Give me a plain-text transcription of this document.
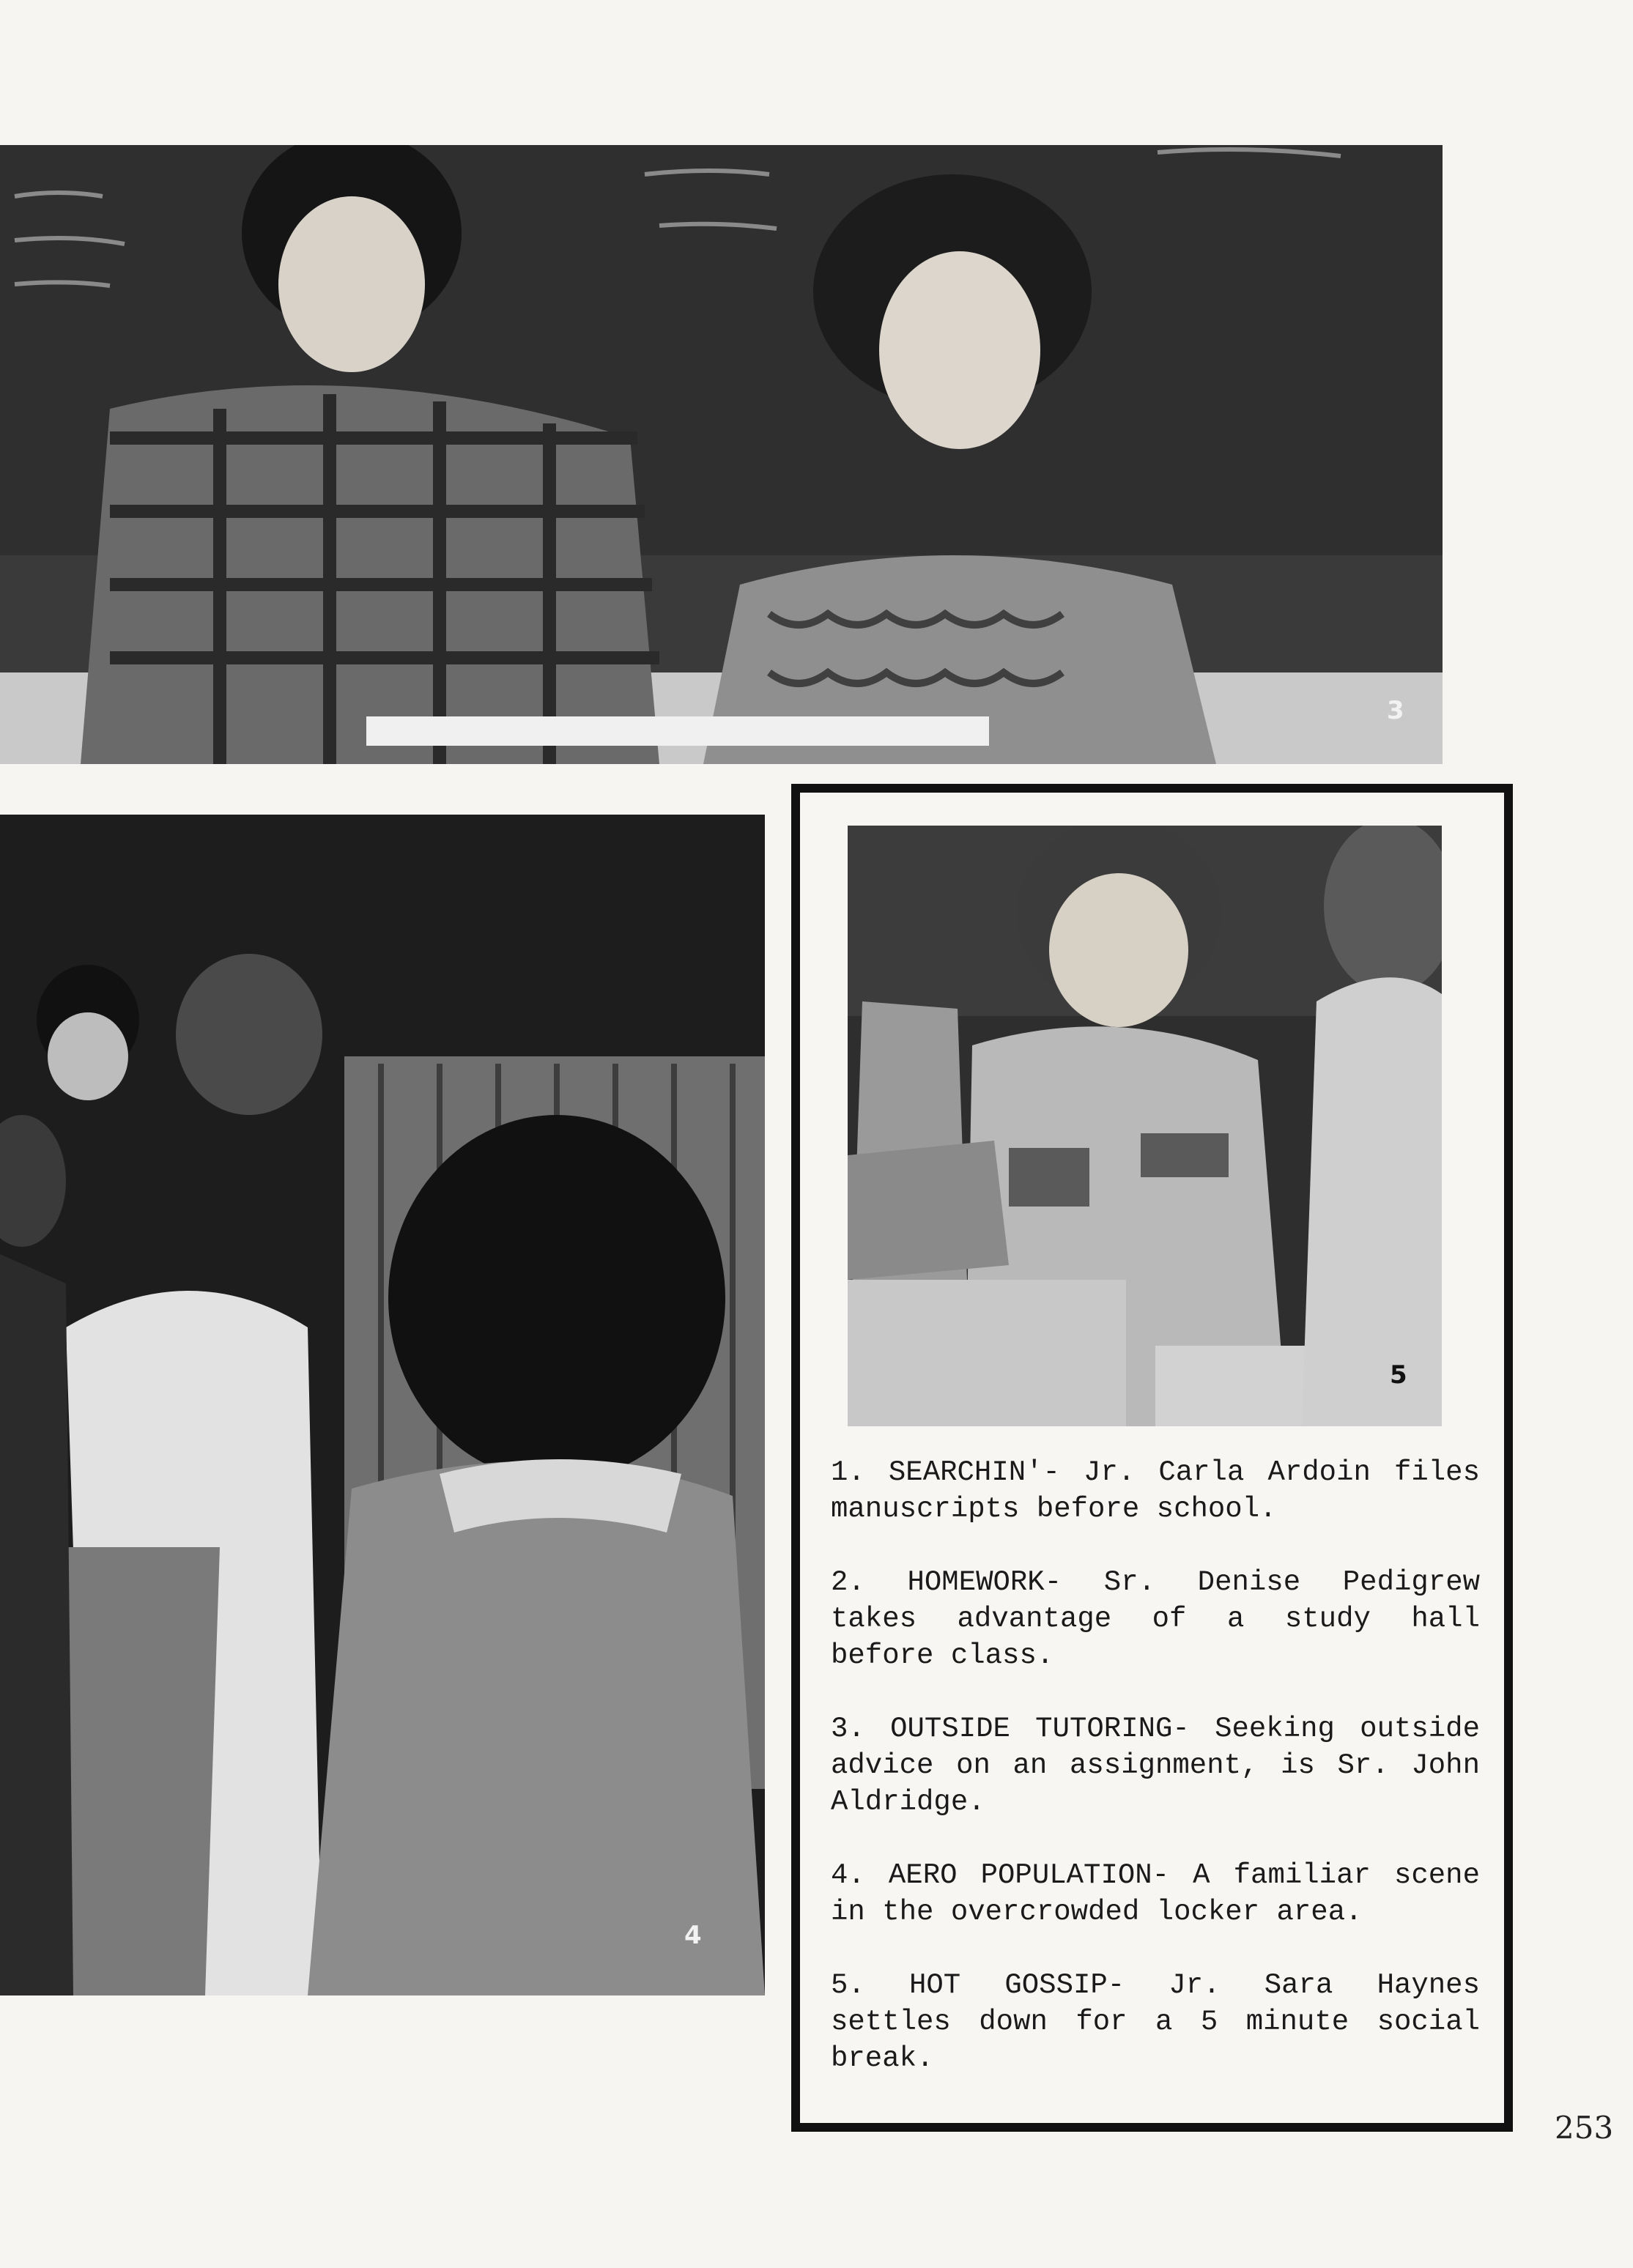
3
4
5

1. SEARCHIN'- Jr. Carla Ardoin files manuscripts before school.

2. HOMEWORK- Sr. Denise Pedigrew takes advantage of a study hall before class.

3. OUTSIDE TUTORING- Seeking outside advice on an assignment, is Sr. John Aldridge.

4. AERO POPULATION- A familiar scene in the overcrowded locker area.

5. HOT GOSSIP- Jr. Sara Haynes settles down for a 5 minute social break.

253
